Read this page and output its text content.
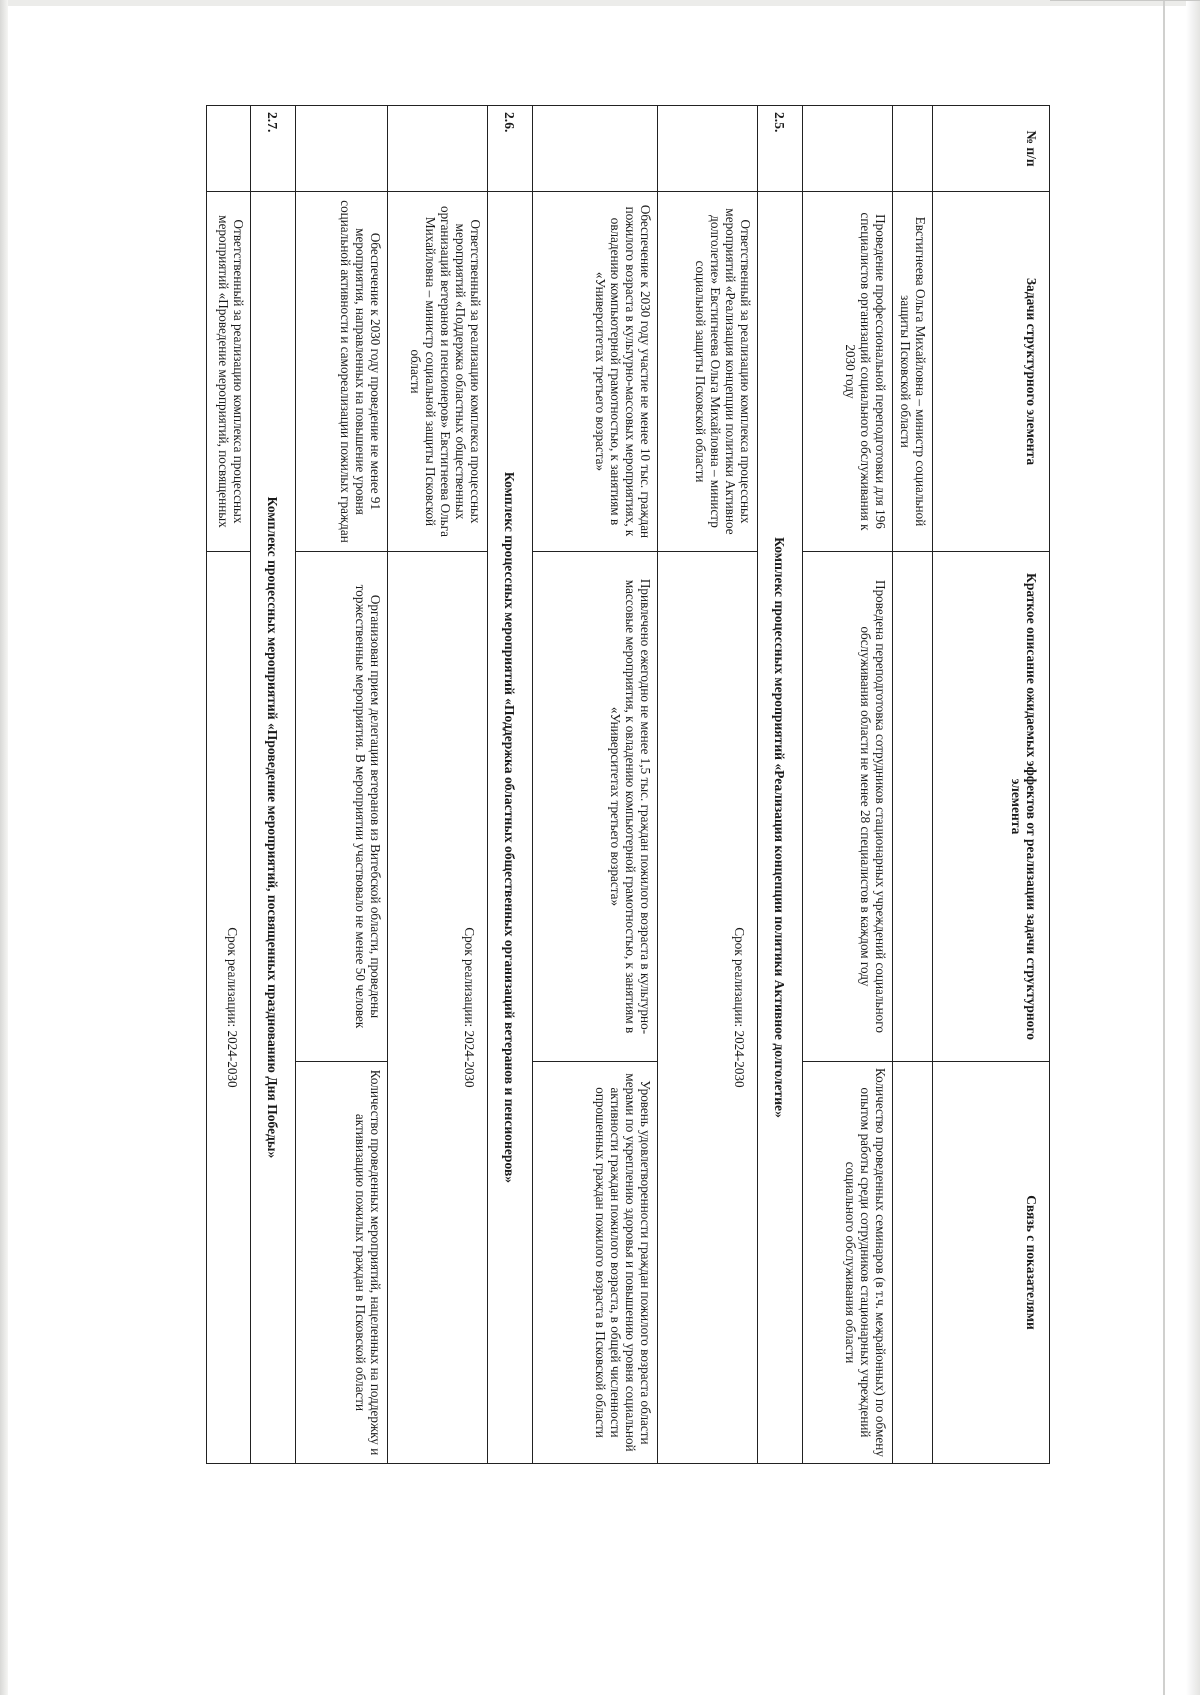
№ п/п	Задачи структурного элемента	Краткое описание ожидаемых эффектов от реализации задачи структурного элемента	Связь с показателями
	Евстигнеева Ольга Михайловна – министр социальной защиты Псковской области		
	Проведение профессиональной переподготовки для 196 специалистов организаций социального обслуживания к 2030 году	Проведена переподготовка сотрудников стационарных учреждений социального обслуживания области не менее 28 специалистов в каждом году	Количество проведенных семинаров (в т.ч. межрайонных) по обмену опытом работы среди сотрудников стационарных учреждений социального обслуживания области
2.5.	Комплекс процессных мероприятий «Реализация концепции политики Активное долголетие»		
	Ответственный за реализацию комплекса процессных мероприятий «Реализация концепции политики Активное долголетие» Евстигнеева Ольга Михайловна – министр социальной защиты Псковской области	Срок реализации: 2024-2030	
	Обеспечение к 2030 году участие не менее 10 тыс. граждан пожилого возраста в культурно-массовых мероприятиях, к овладению компьютерной грамотностью, к занятиям в «Университетах третьего возраста»	Привлечено ежегодно не менее 1,5 тыс. граждан пожилого возраста в культурно-массовые мероприятия, к овладению компьютерной грамотностью, к занятиям в «Университетах третьего возраста»	Уровень удовлетворенности граждан пожилого возраста области мерами по укреплению здоровья и повышению уровня социальной активности граждан пожилого возраста, в общей численности опрошенных граждан пожилого возраста в Псковской области
2.6.	Комплекс процессных мероприятий «Поддержка областных общественных организаций ветеранов и пенсионеров»		
	Ответственный за реализацию комплекса процессных мероприятий «Поддержка областных общественных организаций ветеранов и пенсионеров» Евстигнеева Ольга Михайловна – министр социальной защиты Псковской области	Срок реализации: 2024-2030	
	Обеспечение к 2030 году проведение не менее 91 мероприятия, направленных на повышение уровня социальной активности и самореализации пожилых граждан	Организован прием делегации ветеранов из Витебской области, проведены торжественные мероприятия. В мероприятии участвовало не менее 50 человек	Количество проведенных мероприятий, нацеленных на поддержку и активизацию пожилых граждан в Псковской области
2.7.	Комплекс процессных мероприятий «Проведение мероприятий, посвященных празднованию Дня Победы»		
	Ответственный за реализацию комплекса процессных мероприятий «Проведение мероприятий, посвященных	Срок реализации: 2024-2030	
